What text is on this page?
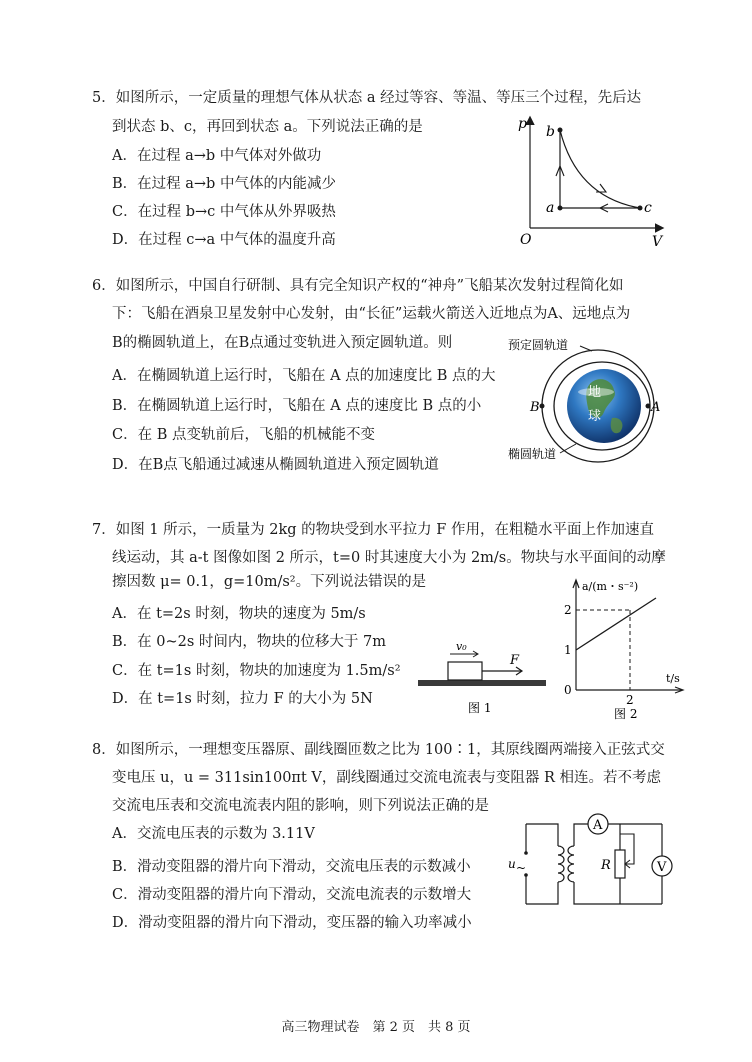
5．如图所示，一定质量的理想气体从状态 a 经过等容、等温、等压三个过程，先后达
到状态 b、c，再回到状态 a。下列说法正确的是
A．在过程 a→b 中气体对外做功
B．在过程 a→b 中气体的内能减少
C．在过程 b→c 中气体从外界吸热
D．在过程 c→a 中气体的温度升高
p
V
O
b
a	c
6．如图所示，中国自行研制、具有完全知识产权的“神舟”飞船某次发射过程简化如
下：飞船在酒泉卫星发射中心发射，由“长征”运载火箭送入近地点为A、远地点为
B的椭圆轨道上，在B点通过变轨进入预定圆轨道。则
A．在椭圆轨道上运行时，飞船在 A 点的加速度比 B 点的大
B．在椭圆轨道上运行时，飞船在 A 点的速度比 B 点的小
C．在 B 点变轨前后，飞船的机械能不变
D．在B点飞船通过减速从椭圆轨道进入预定圆轨道
地
球
A
B
预定圆轨道
椭圆轨道
7．如图 1 所示，一质量为 2kg 的物块受到水平拉力 F 作用，在粗糙水平面上作加速直
线运动，其 a-t 图像如图 2 所示，t=0 时其速度大小为 2m/s。物块与水平面间的动摩
擦因数 μ= 0.1，g=10m/s²。下列说法错误的是
A．在 t=2s 时刻，物块的速度为 5m/s
B．在 0~2s 时间内，物块的位移大于 7m
C．在 t=1s 时刻，物块的加速度为 1.5m/s²
D．在 t=1s 时刻，拉力 F 的大小为 5N
F
v₀
图 1
a/(m・s⁻²)
t/s
2
1
0
2
图 2
8．如图所示，一理想变压器原、副线圈匝数之比为 100∶1，其原线圈两端接入正弦式交
变电压 u，u = 311sin100πt V，副线圈通过交流电流表与变阻器 R 相连。若不考虑
交流电压表和交流电流表内阻的影响，则下列说法正确的是
A．交流电压表的示数为 3.11V
B．滑动变阻器的滑片向下滑动，交流电压表的示数减小
C．滑动变阻器的滑片向下滑动，交流电流表的示数增大
D．滑动变阻器的滑片向下滑动，变压器的输入功率减小
u ~
A
V
R
高三物理试卷　第 2 页　共 8 页
